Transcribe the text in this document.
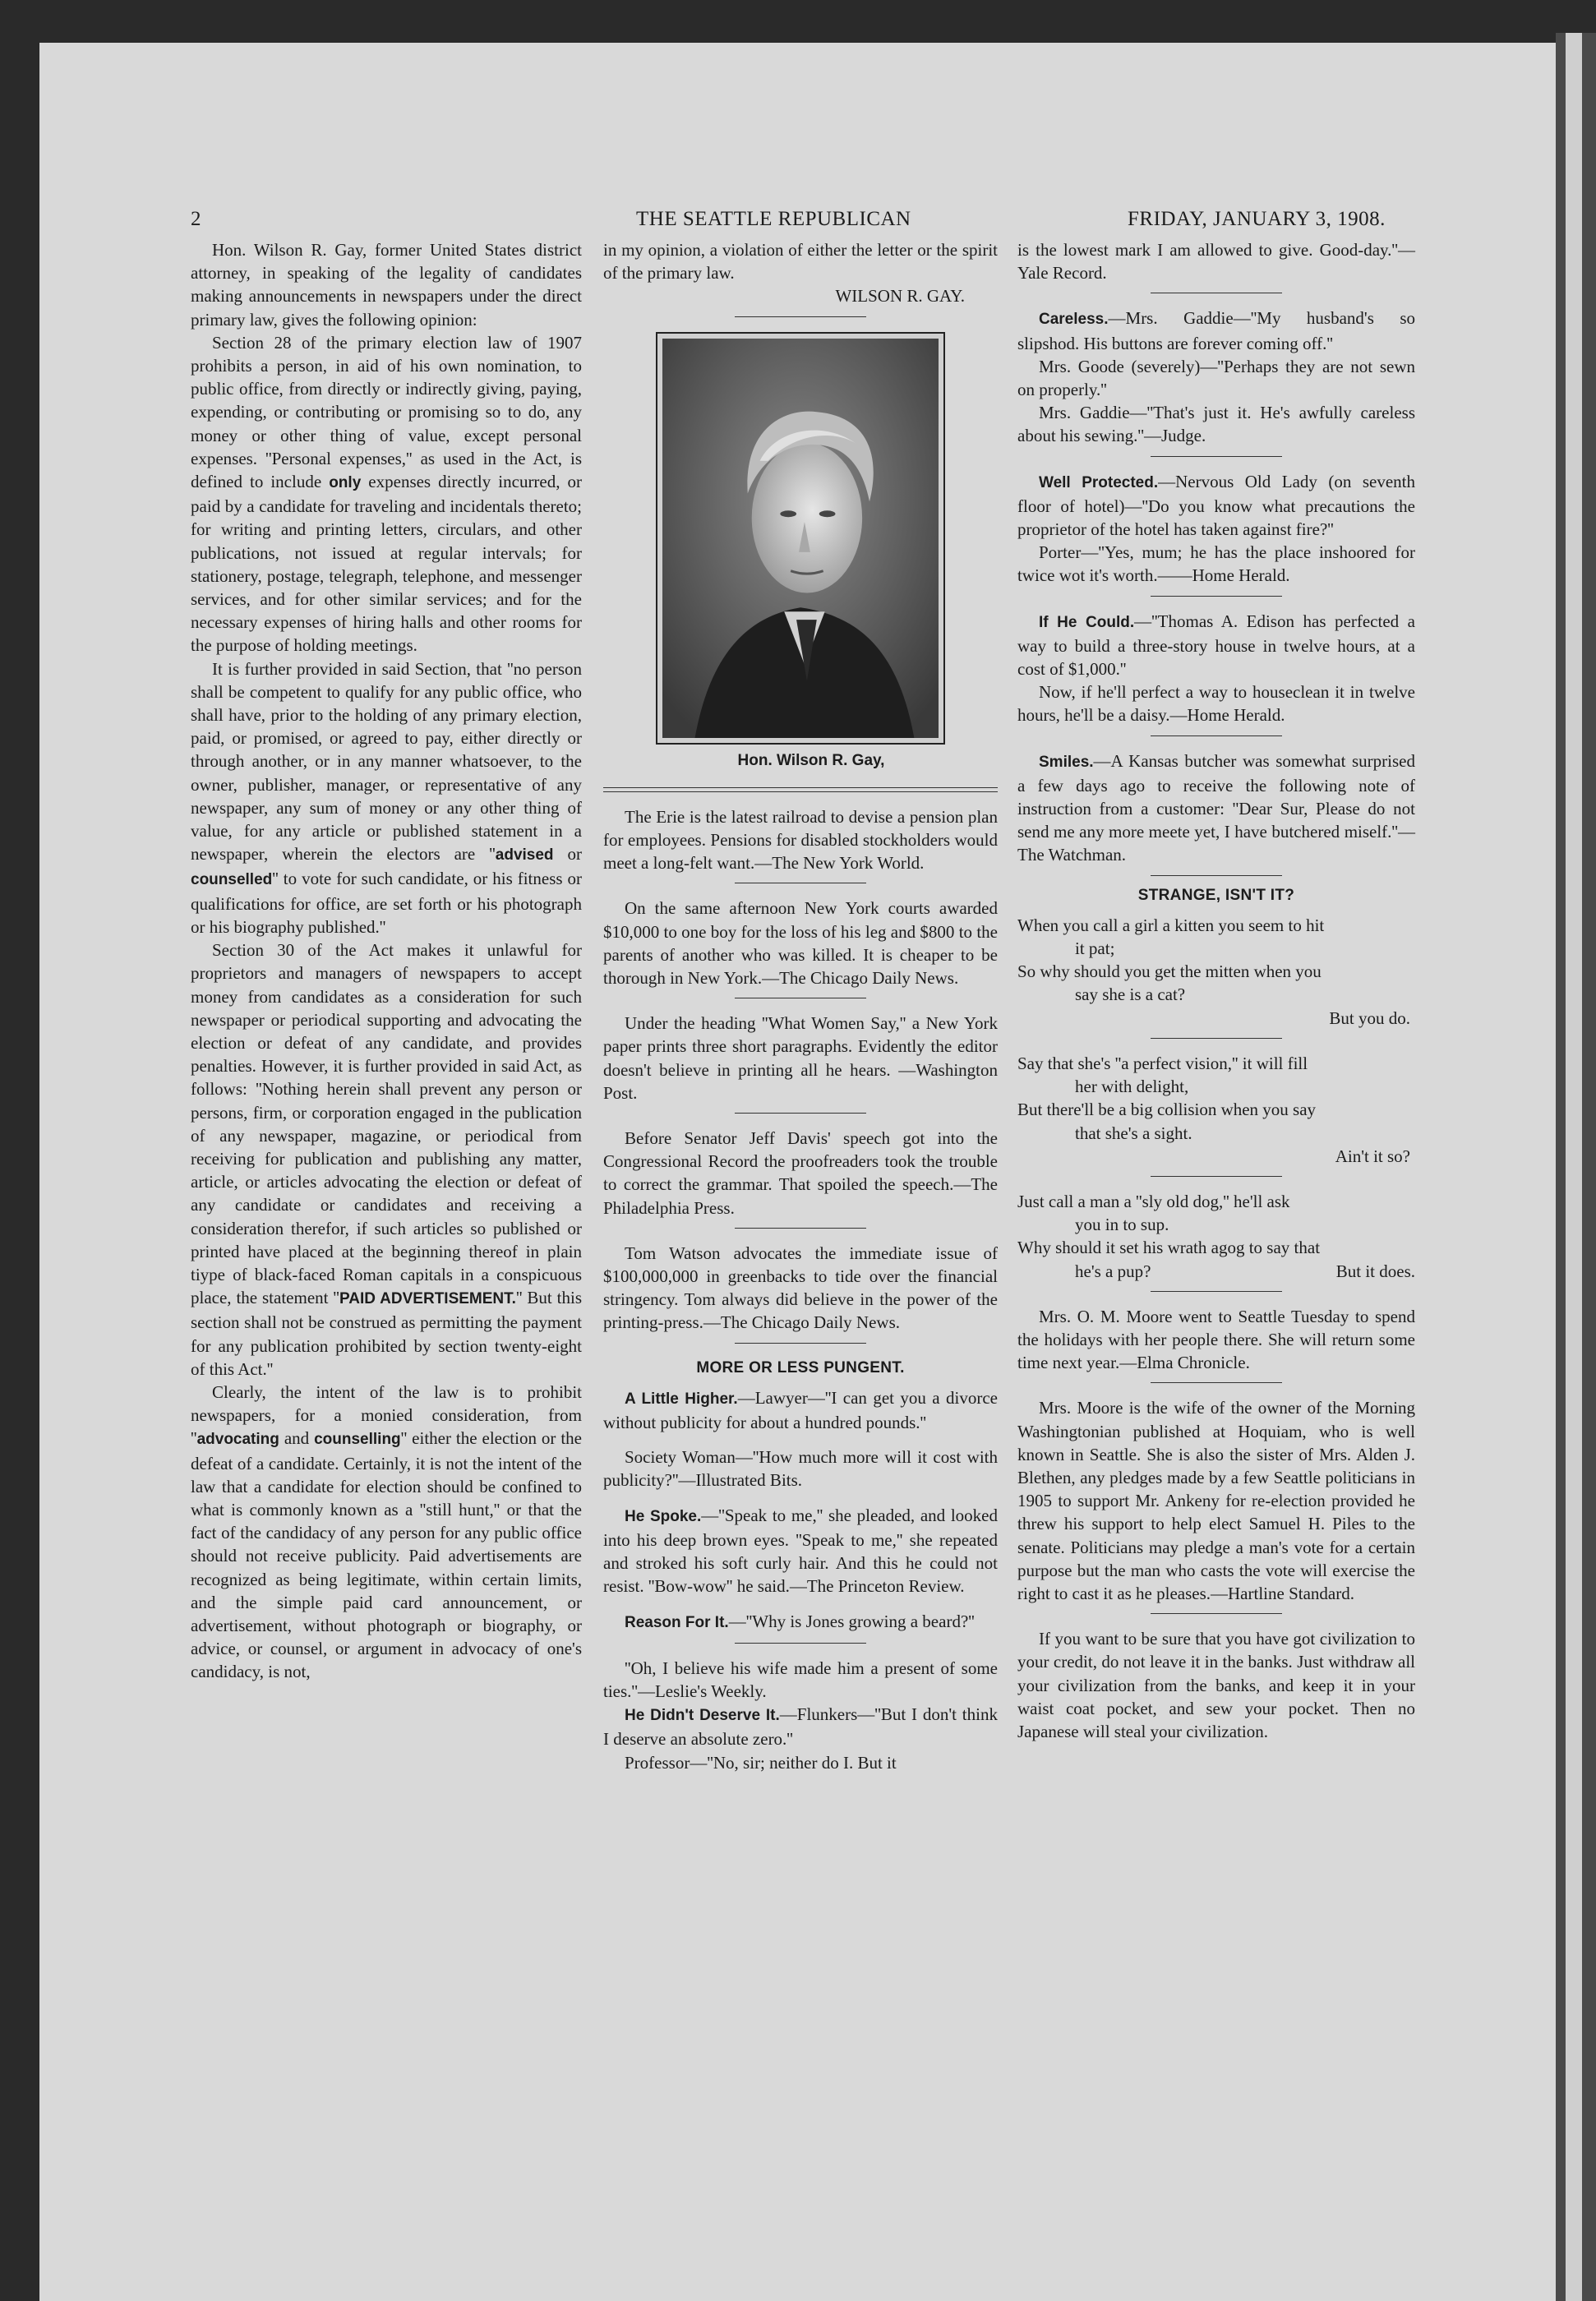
2	THE SEATTLE REPUBLICAN	FRIDAY, JANUARY 3, 1908.

Hon. Wilson R. Gay, former United States district attorney, in speaking of the legality of candidates making announcements in newspapers under the direct primary law, gives the following opinion:

Section 28 of the primary election law of 1907 prohibits a person, in aid of his own nomination, to public office, from directly or indirectly giving, paying, expending, or contributing or promising so to do, any money or other thing of value, except personal expenses. ''Personal expenses,'' as used in the Act, is defined to include only expenses directly incurred, or paid by a candidate for traveling and incidentals thereto; for writing and printing letters, circulars, and other publications, not issued at regular intervals; for stationery, postage, telegraph, telephone, and messenger services, and for other similar services; and for the necessary expenses of hiring halls and other rooms for the purpose of holding meetings.

It is further provided in said Section, that ''no person shall be competent to qualify for any public office, who shall have, prior to the holding of any primary election, paid, or promised, or agreed to pay, either directly or through another, or in any manner whatsoever, to the owner, publisher, manager, or representative of any newspaper, any sum of money or any other thing of value, for any article or published statement in a newspaper, wherein the electors are ''advised or counselled'' to vote for such candidate, or his fitness or qualifications for office, are set forth or his photograph or his biography published.''

Section 30 of the Act makes it unlawful for proprietors and managers of newspapers to accept money from candidates as a consideration for such newspaper or periodical supporting and advocating the election or defeat of any candidate, and provides penalties. However, it is further provided in said Act, as follows: ''Nothing herein shall prevent any person or persons, firm, or corporation engaged in the publication of any newspaper, magazine, or periodical from receiving for publication and publishing any matter, article, or articles advocating the election or defeat of any candidate or candidates and receiving a consideration therefor, if such articles so published or printed have placed at the beginning thereof in plain tiype of black-faced Roman capitals in a conspicuous place, the statement ''PAID ADVERTISEMENT.'' But this section shall not be construed as permitting the payment for any publication prohibited by section twenty-eight of this Act.''

Clearly, the intent of the law is to prohibit newspapers, for a monied consideration, from ''advocating and counselling'' either the election or the defeat of a candidate. Certainly, it is not the intent of the law that a candidate for election should be confined to what is commonly known as a ''still hunt,'' or that the fact of the candidacy of any person for any public office should not receive publicity. Paid advertisements are recognized as being legitimate, within certain limits, and the simple paid card announcement, or advertisement, without photograph or biography, or advice, or counsel, or argument in advocacy of one's candidacy, is not,

in my opinion, a violation of either the letter or the spirit of the primary law.

WILSON R. GAY.

Hon. Wilson R. Gay,

The Erie is the latest railroad to devise a pension plan for employees. Pensions for disabled stockholders would meet a long-felt want.—The New York World.

On the same afternoon New York courts awarded $10,000 to one boy for the loss of his leg and $800 to the parents of another who was killed. It is cheaper to be thorough in New York.—The Chicago Daily News.

Under the heading ''What Women Say,'' a New York paper prints three short paragraphs. Evidently the editor doesn't believe in printing all he hears. —Washington Post.

Before Senator Jeff Davis' speech got into the Congressional Record the proofreaders took the trouble to correct the grammar. That spoiled the speech.—The Philadelphia Press.

Tom Watson advocates the immediate issue of $100,000,000 in greenbacks to tide over the financial stringency. Tom always did believe in the power of the printing-press.—The Chicago Daily News.

MORE OR LESS PUNGENT.

A Little Higher.—Lawyer—''I can get you a divorce without publicity for about a hundred pounds.''

Society Woman—''How much more will it cost with publicity?''—Illustrated Bits.

He Spoke.—''Speak to me,'' she pleaded, and looked into his deep brown eyes. ''Speak to me,'' she repeated and stroked his soft curly hair. And this he could not resist. ''Bow-wow'' he said.—The Princeton Review.

Reason For It.—''Why is Jones growing a beard?''

''Oh, I believe his wife made him a present of some ties.''—Leslie's Weekly.

He Didn't Deserve It.—Flunkers—''But I don't think I deserve an absolute zero.''

Professor—''No, sir; neither do I. But it

is the lowest mark I am allowed to give. Good-day.''—Yale Record.

Careless.—Mrs. Gaddie—''My husband's so slipshod. His buttons are forever coming off.''

Mrs. Goode (severely)—''Perhaps they are not sewn on properly.''

Mrs. Gaddie—''That's just it. He's awfully careless about his sewing.''—Judge.

Well Protected.—Nervous Old Lady (on seventh floor of hotel)—''Do you know what precautions the proprietor of the hotel has taken against fire?''

Porter—''Yes, mum; he has the place inshoored for twice wot it's worth.——Home Herald.

If He Could.—''Thomas A. Edison has perfected a way to build a three-story house in twelve hours, at a cost of $1,000.''

Now, if he'll perfect a way to houseclean it in twelve hours, he'll be a daisy.—Home Herald.

Smiles.—A Kansas butcher was somewhat surprised a few days ago to receive the following note of instruction from a customer: ''Dear Sur, Please do not send me any more meete yet, I have butchered miself.''—The Watchman.

STRANGE, ISN'T IT?
When you call a girl a kitten you seem to hit
it pat;
So why should you get the mitten when you
say she is a cat?
But you do.
Say that she's ''a perfect vision,'' it will fill
her with delight,
But there'll be a big collision when you say
that she's a sight.
Ain't it so?
Just call a man a ''sly old dog,'' he'll ask
you in to sup.
Why should it set his wrath agog to say that
he's a pup?	But it does.

Mrs. O. M. Moore went to Seattle Tuesday to spend the holidays with her people there. She will return some time next year.—Elma Chronicle.

Mrs. Moore is the wife of the owner of the Morning Washingtonian published at Hoquiam, who is well known in Seattle. She is also the sister of Mrs. Alden J. Blethen, any pledges made by a few Seattle politicians in 1905 to support Mr. Ankeny for re-election provided he threw his support to help elect Samuel H. Piles to the senate. Politicians may pledge a man's vote for a certain purpose but the man who casts the vote will exercise the right to cast it as he pleases.—Hartline Standard.

If you want to be sure that you have got civilization to your credit, do not leave it in the banks. Just withdraw all your civilization from the banks, and keep it in your waist coat pocket, and sew your pocket. Then no Japanese will steal your civilization.
